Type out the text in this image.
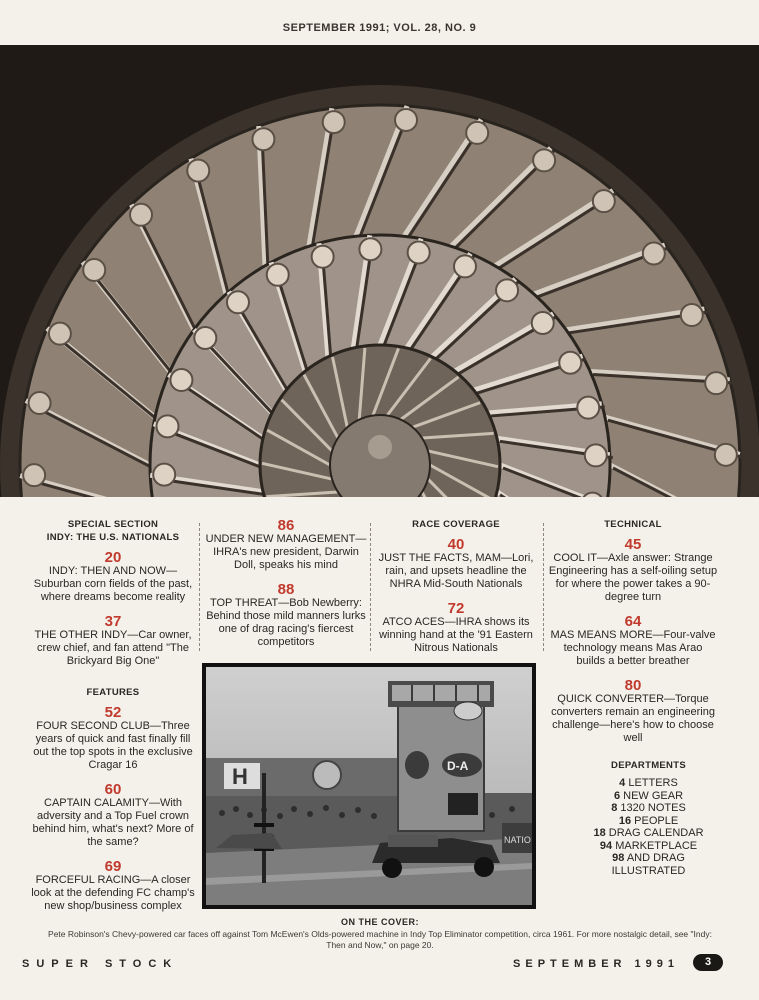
SEPTEMBER 1991; VOL. 28, NO. 9
SPECIAL SECTION
INDY: THE U.S. NATIONALS
20
INDY: THEN AND NOW—Suburban corn fields of the past, where dreams become reality
37
THE OTHER INDY—Car owner, crew chief, and fan attend "The Brickyard Big One"
FEATURES
52
FOUR SECOND CLUB—Three years of quick and fast finally fill out the top spots in the exclusive Cragar 16
60
CAPTAIN CALAMITY—With adversity and a Top Fuel crown behind him, what's next? More of the same?
69
FORCEFUL RACING—A closer look at the defending FC champ's new shop/business complex
86
UNDER NEW MANAGEMENT—IHRA's new president, Darwin Doll, speaks his mind
88
TOP THREAT—Bob Newberry: Behind those mild manners lurks one of drag racing's fiercest competitors
RACE COVERAGE
40
JUST THE FACTS, MAM—Lori, rain, and upsets headline the NHRA Mid-South Nationals
72
ATCO ACES—IHRA shows its winning hand at the '91 Eastern Nitrous Nationals
TECHNICAL
45
COOL IT—Axle answer: Strange Engineering has a self-oiling setup for where the power takes a 90-degree turn
64
MAS MEANS MORE—Four-valve technology means Mas Arao builds a better breather
80
QUICK CONVERTER—Torque converters remain an engineering challenge—here's how to choose well
DEPARTMENTS
4 LETTERS
6 NEW GEAR
8 1320 NOTES
16 PEOPLE
18 DRAG CALENDAR
94 MARKETPLACE
98 AND DRAG ILLUSTRATED
H	D-A
NATIO
ON THE COVER:
Pete Robinson's Chevy-powered car faces off against Tom McEwen's Olds-powered machine in Indy Top Eliminator competition, circa 1961. For more nostalgic detail, see "Indy: Then and Now," on page 20.
SUPER STOCK	SEPTEMBER 1991	3
